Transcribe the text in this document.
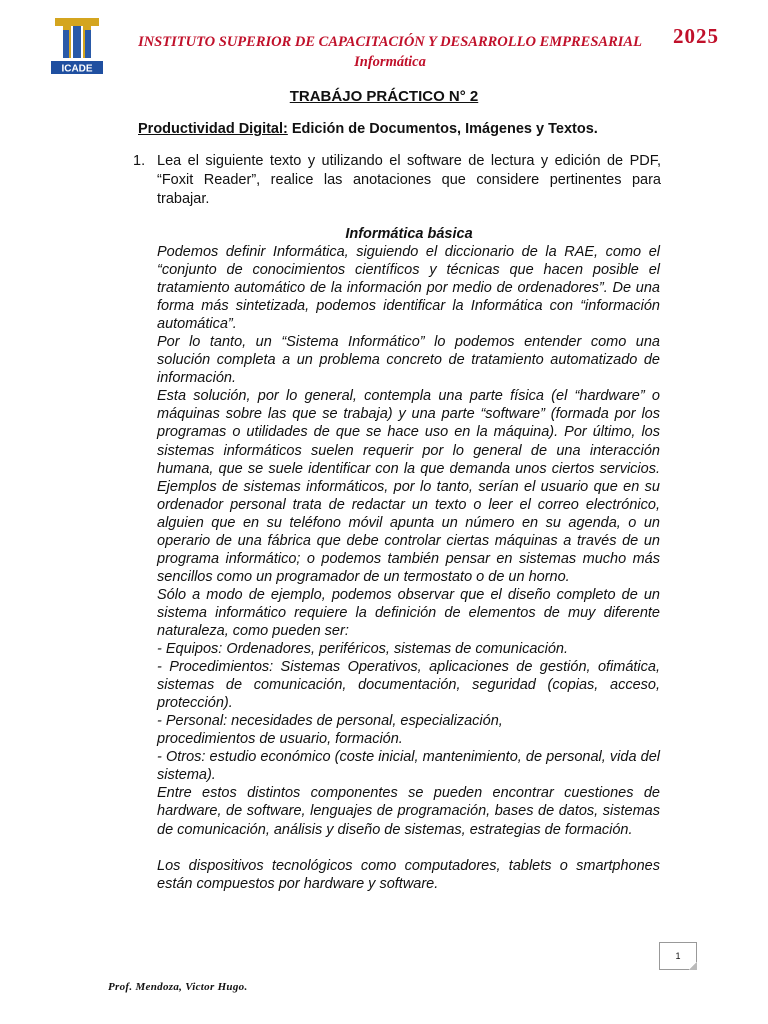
ICADE
INSTITUTO SUPERIOR DE CAPACITACIÓN Y DESARROLLO EMPRESARIAL
Informática
2025
TRABÁJO PRÁCTICO N° 2
Productividad Digital: Edición de Documentos, Imágenes y Textos.
1. Lea el siguiente texto y utilizando el software de lectura y edición de PDF, “Foxit Reader”, realice las anotaciones que considere pertinentes para trabajar.
Informática básica

Podemos definir Informática, siguiendo el diccionario de la RAE, como el “conjunto de conocimientos científicos y técnicas que hacen posible el tratamiento automático de la información por medio de ordenadores”. De una forma más sintetizada, podemos identificar la Informática con “información automática”.

Por lo tanto, un “Sistema Informático” lo podemos entender como una solución completa a un problema concreto de tratamiento automatizado de información.

Esta solución, por lo general, contempla una parte física (el “hardware” o máquinas sobre las que se trabaja) y una parte “software” (formada por los programas o utilidades de que se hace uso en la máquina). Por último, los sistemas informáticos suelen requerir por lo general de una interacción humana, que se suele identificar con la que demanda unos ciertos servicios. Ejemplos de sistemas informáticos, por lo tanto, serían el usuario que en su ordenador personal trata de redactar un texto o leer el correo electrónico, alguien que en su teléfono móvil apunta un número en su agenda, o un operario de una fábrica que debe controlar ciertas máquinas a través de un programa informático; o podemos también pensar en sistemas mucho más sencillos como un programador de un termostato o de un horno.

Sólo a modo de ejemplo, podemos observar que el diseño completo de un sistema informático requiere la definición de elementos de muy diferente naturaleza, como pueden ser:

- Equipos: Ordenadores, periféricos, sistemas de comunicación.

- Procedimientos: Sistemas Operativos, aplicaciones de gestión, ofimática, sistemas de comunicación, documentación, seguridad (copias, acceso, protección).

- Personal: necesidades de personal, especialización,

procedimientos de usuario, formación.

- Otros: estudio económico (coste inicial, mantenimiento, de personal, vida del sistema).

Entre estos distintos componentes se pueden encontrar cuestiones de hardware, de software, lenguajes de programación, bases de datos, sistemas de comunicación, análisis y diseño de sistemas, estrategias de formación.

Los dispositivos tecnológicos como computadores, tablets o smartphones están compuestos por hardware y software.

1
Prof. Mendoza, Victor Hugo.
